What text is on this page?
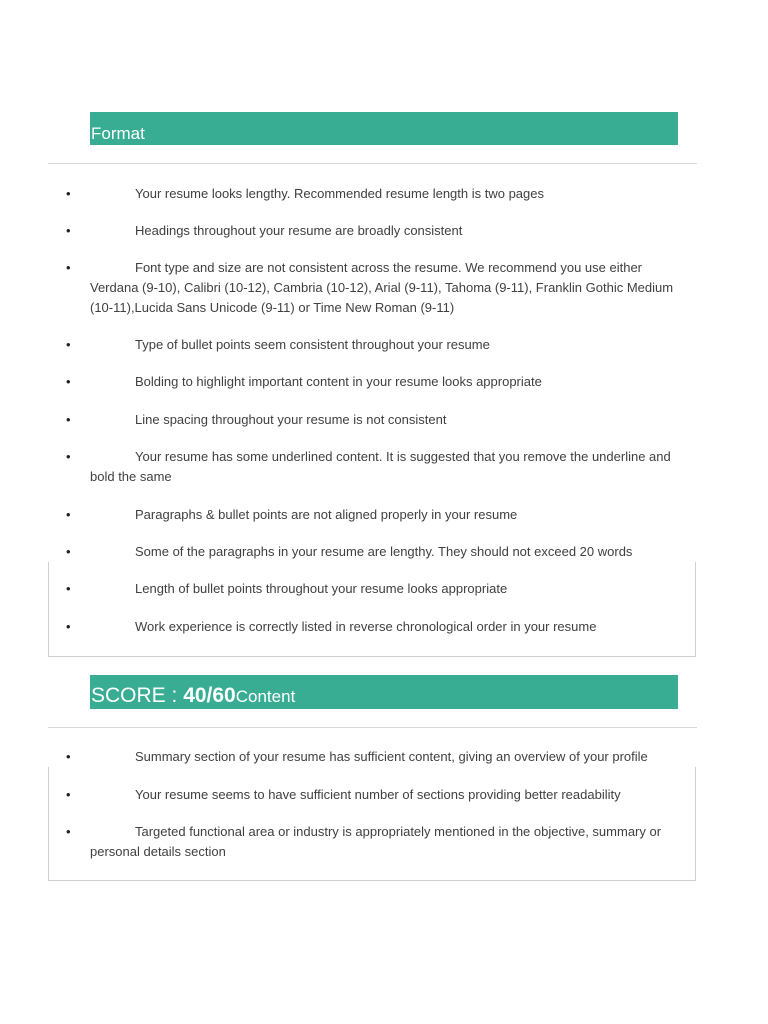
Format
•	Your resume looks lengthy. Recommended resume length is two pages
•	Headings throughout your resume are broadly consistent
•	Font type and size are not consistent across the resume. We recommend you use either Verdana (9-10), Calibri (10-12), Cambria (10-12), Arial (9-11), Tahoma (9-11), Franklin Gothic Medium (10-11),Lucida Sans Unicode (9-11) or Time New Roman (9-11)
•	Type of bullet points seem consistent throughout your resume
•	Bolding to highlight important content in your resume looks appropriate
•	Line spacing throughout your resume is not consistent
•	Your resume has some underlined content. It is suggested that you remove the underline and bold the same
•	Paragraphs & bullet points are not aligned properly in your resume
•	Some of the paragraphs in your resume are lengthy. They should not exceed 20 words
•	Length of bullet points throughout your resume looks appropriate
•	Work experience is correctly listed in reverse chronological order in your resume
SCORE : 40/60Content
•	Summary section of your resume has sufficient content, giving an overview of your profile
•	Your resume seems to have sufficient number of sections providing better readability
•	Targeted functional area or industry is appropriately mentioned in the objective, summary or personal details section
